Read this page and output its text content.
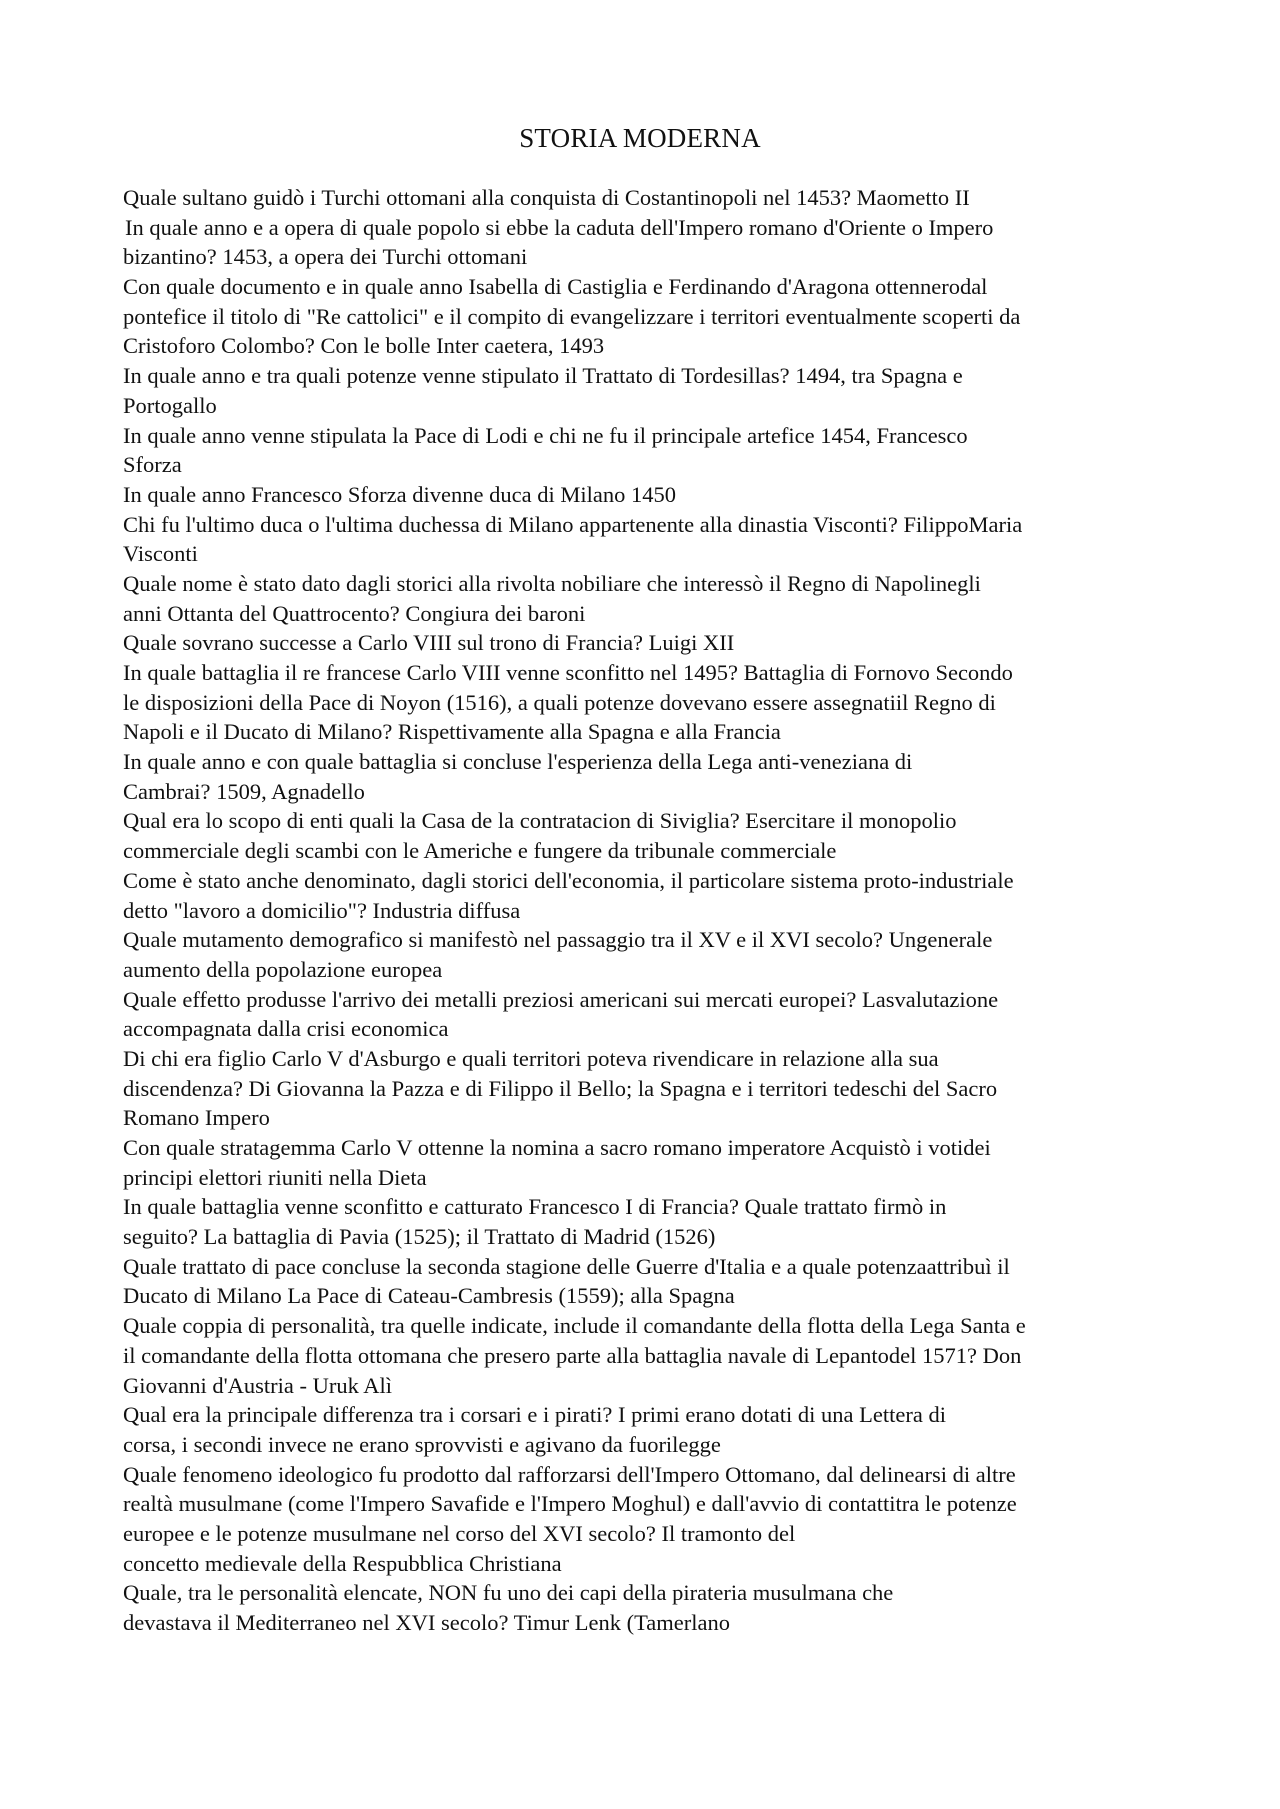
STORIA MODERNA
Quale sultano guidò i Turchi ottomani alla conquista di Costantinopoli nel 1453? Maometto II
In quale anno e a opera di quale popolo si ebbe la caduta dell'Impero romano d'Oriente o Impero
bizantino? 1453, a opera dei Turchi ottomani
Con quale documento e in quale anno Isabella di Castiglia e Ferdinando d'Aragona ottennerodal
pontefice il titolo di "Re cattolici" e il compito di evangelizzare i territori eventualmente scoperti da
Cristoforo Colombo? Con le bolle Inter caetera, 1493
In quale anno e tra quali potenze venne stipulato il Trattato di Tordesillas? 1494, tra Spagna e
Portogallo
In quale anno venne stipulata la Pace di Lodi e chi ne fu il principale artefice 1454, Francesco
Sforza
In quale anno Francesco Sforza divenne duca di Milano 1450
Chi fu l'ultimo duca o l'ultima duchessa di Milano appartenente alla dinastia Visconti? FilippoMaria
Visconti
Quale nome è stato dato dagli storici alla rivolta nobiliare che interessò il Regno di Napolinegli
anni Ottanta del Quattrocento? Congiura dei baroni
Quale sovrano successe a Carlo VIII sul trono di Francia? Luigi XII
In quale battaglia il re francese Carlo VIII venne sconfitto nel 1495? Battaglia di Fornovo Secondo
le disposizioni della Pace di Noyon (1516), a quali potenze dovevano essere assegnatiil Regno di
Napoli e il Ducato di Milano? Rispettivamente alla Spagna e alla Francia
In quale anno e con quale battaglia si concluse l'esperienza della Lega anti-veneziana di
Cambrai? 1509, Agnadello
Qual era lo scopo di enti quali la Casa de la contratacion di Siviglia? Esercitare il monopolio
commerciale degli scambi con le Americhe e fungere da tribunale commerciale
Come è stato anche denominato, dagli storici dell'economia, il particolare sistema proto-industriale
detto "lavoro a domicilio"? Industria diffusa
Quale mutamento demografico si manifestò nel passaggio tra il XV e il XVI secolo? Ungenerale
aumento della popolazione europea
Quale effetto produsse l'arrivo dei metalli preziosi americani sui mercati europei? Lasvalutazione
accompagnata dalla crisi economica
Di chi era figlio Carlo V d'Asburgo e quali territori poteva rivendicare in relazione alla sua
discendenza? Di Giovanna la Pazza e di Filippo il Bello; la Spagna e i territori tedeschi del Sacro
Romano Impero
Con quale stratagemma Carlo V ottenne la nomina a sacro romano imperatore Acquistò i votidei
principi elettori riuniti nella Dieta
In quale battaglia venne sconfitto e catturato Francesco I di Francia? Quale trattato firmò in
seguito? La battaglia di Pavia (1525); il Trattato di Madrid (1526)
Quale trattato di pace concluse la seconda stagione delle Guerre d'Italia e a quale potenzaattribuì il
Ducato di Milano La Pace di Cateau-Cambresis (1559); alla Spagna
Quale coppia di personalità, tra quelle indicate, include il comandante della flotta della Lega Santa e
il comandante della flotta ottomana che presero parte alla battaglia navale di Lepantodel 1571? Don
Giovanni d'Austria - Uruk Alì
Qual era la principale differenza tra i corsari e i pirati? I primi erano dotati di una Lettera di
corsa, i secondi invece ne erano sprovvisti e agivano da fuorilegge
Quale fenomeno ideologico fu prodotto dal rafforzarsi dell'Impero Ottomano, dal delinearsi di altre
realtà musulmane (come l'Impero Savafide e l'Impero Moghul) e dall'avvio di contattitra le potenze
europee e le potenze musulmane nel corso del XVI secolo? Il tramonto del
concetto medievale della Respubblica Christiana
Quale, tra le personalità elencate, NON fu uno dei capi della pirateria musulmana che
devastava il Mediterraneo nel XVI secolo? Timur Lenk (Tamerlano
